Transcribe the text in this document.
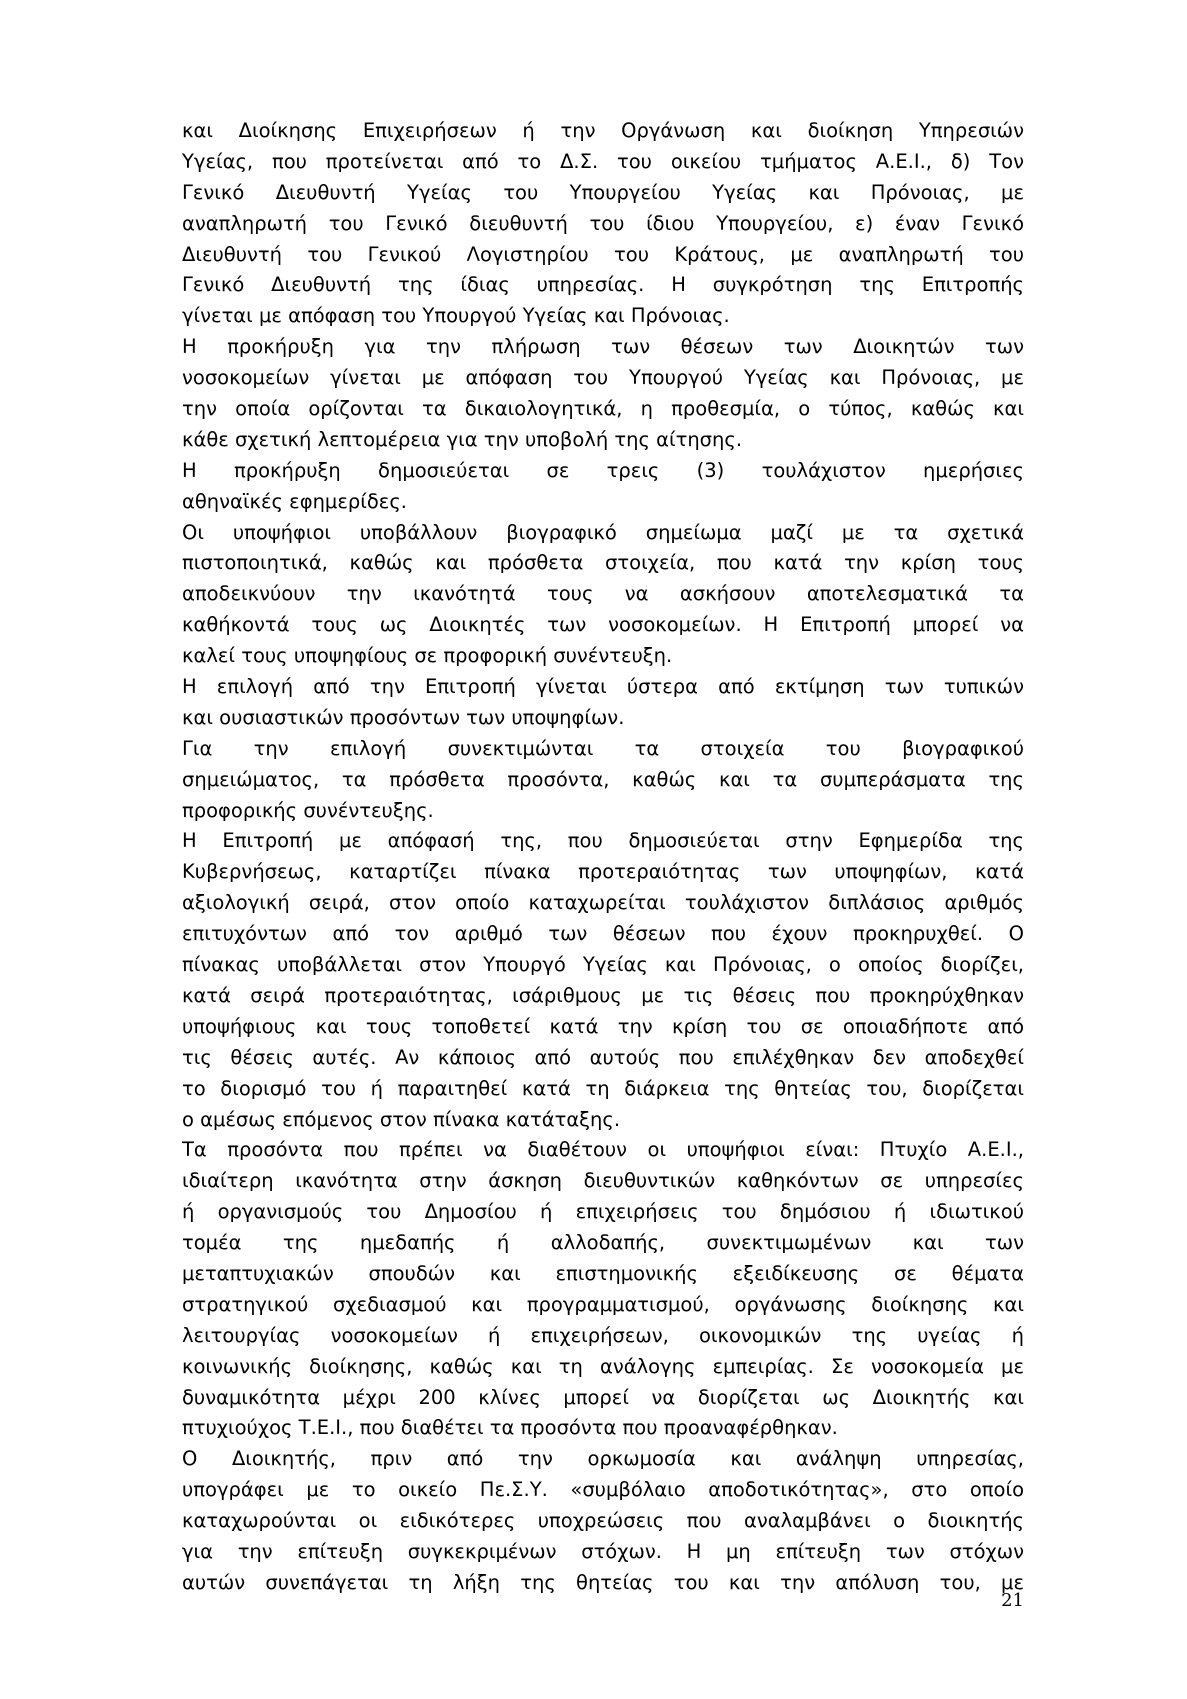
και Διοίκησης Επιχειρήσεων ή την Οργάνωση και διοίκηση Υπηρεσιών
Υγείας, που προτείνεται από το Δ.Σ. του οικείου τμήματος Α.Ε.Ι., δ) Τον
Γενικό Διευθυντή Υγείας του Υπουργείου Υγείας και Πρόνοιας, με
αναπληρωτή του Γενικό διευθυντή του ίδιου Υπουργείου, ε) έναν Γενικό
Διευθυντή του Γενικού Λογιστηρίου του Κράτους, με αναπληρωτή του
Γενικό Διευθυντή της ίδιας υπηρεσίας. Η συγκρότηση της Επιτροπής
γίνεται με απόφαση του Υπουργού Υγείας και Πρόνοιας.
Η προκήρυξη για την πλήρωση των θέσεων των Διοικητών των
νοσοκομείων γίνεται με απόφαση του Υπουργού Υγείας και Πρόνοιας, με
την οποία ορίζονται τα δικαιολογητικά, η προθεσμία, ο τύπος, καθώς και
κάθε σχετική λεπτομέρεια για την υποβολή της αίτησης.
Η προκήρυξη δημοσιεύεται σε τρεις (3) τουλάχιστον ημερήσιες
αθηναϊκές εφημερίδες.
Οι υποψήφιοι υποβάλλουν βιογραφικό σημείωμα μαζί με τα σχετικά
πιστοποιητικά, καθώς και πρόσθετα στοιχεία, που κατά την κρίση τους
αποδεικνύουν την ικανότητά τους να ασκήσουν αποτελεσματικά τα
καθήκοντά τους ως Διοικητές των νοσοκομείων. Η Επιτροπή μπορεί να
καλεί τους υποψηφίους σε προφορική συνέντευξη.
Η επιλογή από την Επιτροπή γίνεται ύστερα από εκτίμηση των τυπικών
και ουσιαστικών προσόντων των υποψηφίων.
Για την επιλογή συνεκτιμώνται τα στοιχεία του βιογραφικού
σημειώματος, τα πρόσθετα προσόντα, καθώς και τα συμπεράσματα της
προφορικής συνέντευξης.
Η Επιτροπή με απόφασή της, που δημοσιεύεται στην Εφημερίδα της
Κυβερνήσεως, καταρτίζει πίνακα προτεραιότητας των υποψηφίων, κατά
αξιολογική σειρά, στον οποίο καταχωρείται τουλάχιστον διπλάσιος αριθμός
επιτυχόντων από τον αριθμό των θέσεων που έχουν προκηρυχθεί. Ο
πίνακας υποβάλλεται στον Υπουργό Υγείας και Πρόνοιας, ο οποίος διορίζει,
κατά σειρά προτεραιότητας, ισάριθμους με τις θέσεις που προκηρύχθηκαν
υποψήφιους και τους τοποθετεί κατά την κρίση του σε οποιαδήποτε από
τις θέσεις αυτές. Αν κάποιος από αυτούς που επιλέχθηκαν δεν αποδεχθεί
το διορισμό του ή παραιτηθεί κατά τη διάρκεια της θητείας του, διορίζεται
ο αμέσως επόμενος στον πίνακα κατάταξης.
Τα προσόντα που πρέπει να διαθέτουν οι υποψήφιοι είναι: Πτυχίο Α.Ε.Ι.,
ιδιαίτερη ικανότητα στην άσκηση διευθυντικών καθηκόντων σε υπηρεσίες
ή οργανισμούς του Δημοσίου ή επιχειρήσεις του δημόσιου ή ιδιωτικού
τομέα της ημεδαπής ή αλλοδαπής, συνεκτιμωμένων και των
μεταπτυχιακών σπουδών και επιστημονικής εξειδίκευσης σε θέματα
στρατηγικού σχεδιασμού και προγραμματισμού, οργάνωσης διοίκησης και
λειτουργίας νοσοκομείων ή επιχειρήσεων, οικονομικών της υγείας ή
κοινωνικής διοίκησης, καθώς και τη ανάλογης εμπειρίας. Σε νοσοκομεία με
δυναμικότητα μέχρι 200 κλίνες μπορεί να διορίζεται ως Διοικητής και
πτυχιούχος Τ.Ε.Ι., που διαθέτει τα προσόντα που προαναφέρθηκαν.
Ο Διοικητής, πριν από την ορκωμοσία και ανάληψη υπηρεσίας,
υπογράφει με το οικείο Πε.Σ.Υ. «συμβόλαιο αποδοτικότητας», στο οποίο
καταχωρούνται οι ειδικότερες υποχρεώσεις που αναλαμβάνει ο διοικητής
για την επίτευξη συγκεκριμένων στόχων. Η μη επίτευξη των στόχων
αυτών συνεπάγεται τη λήξη της θητείας του και την απόλυση του, με
21
